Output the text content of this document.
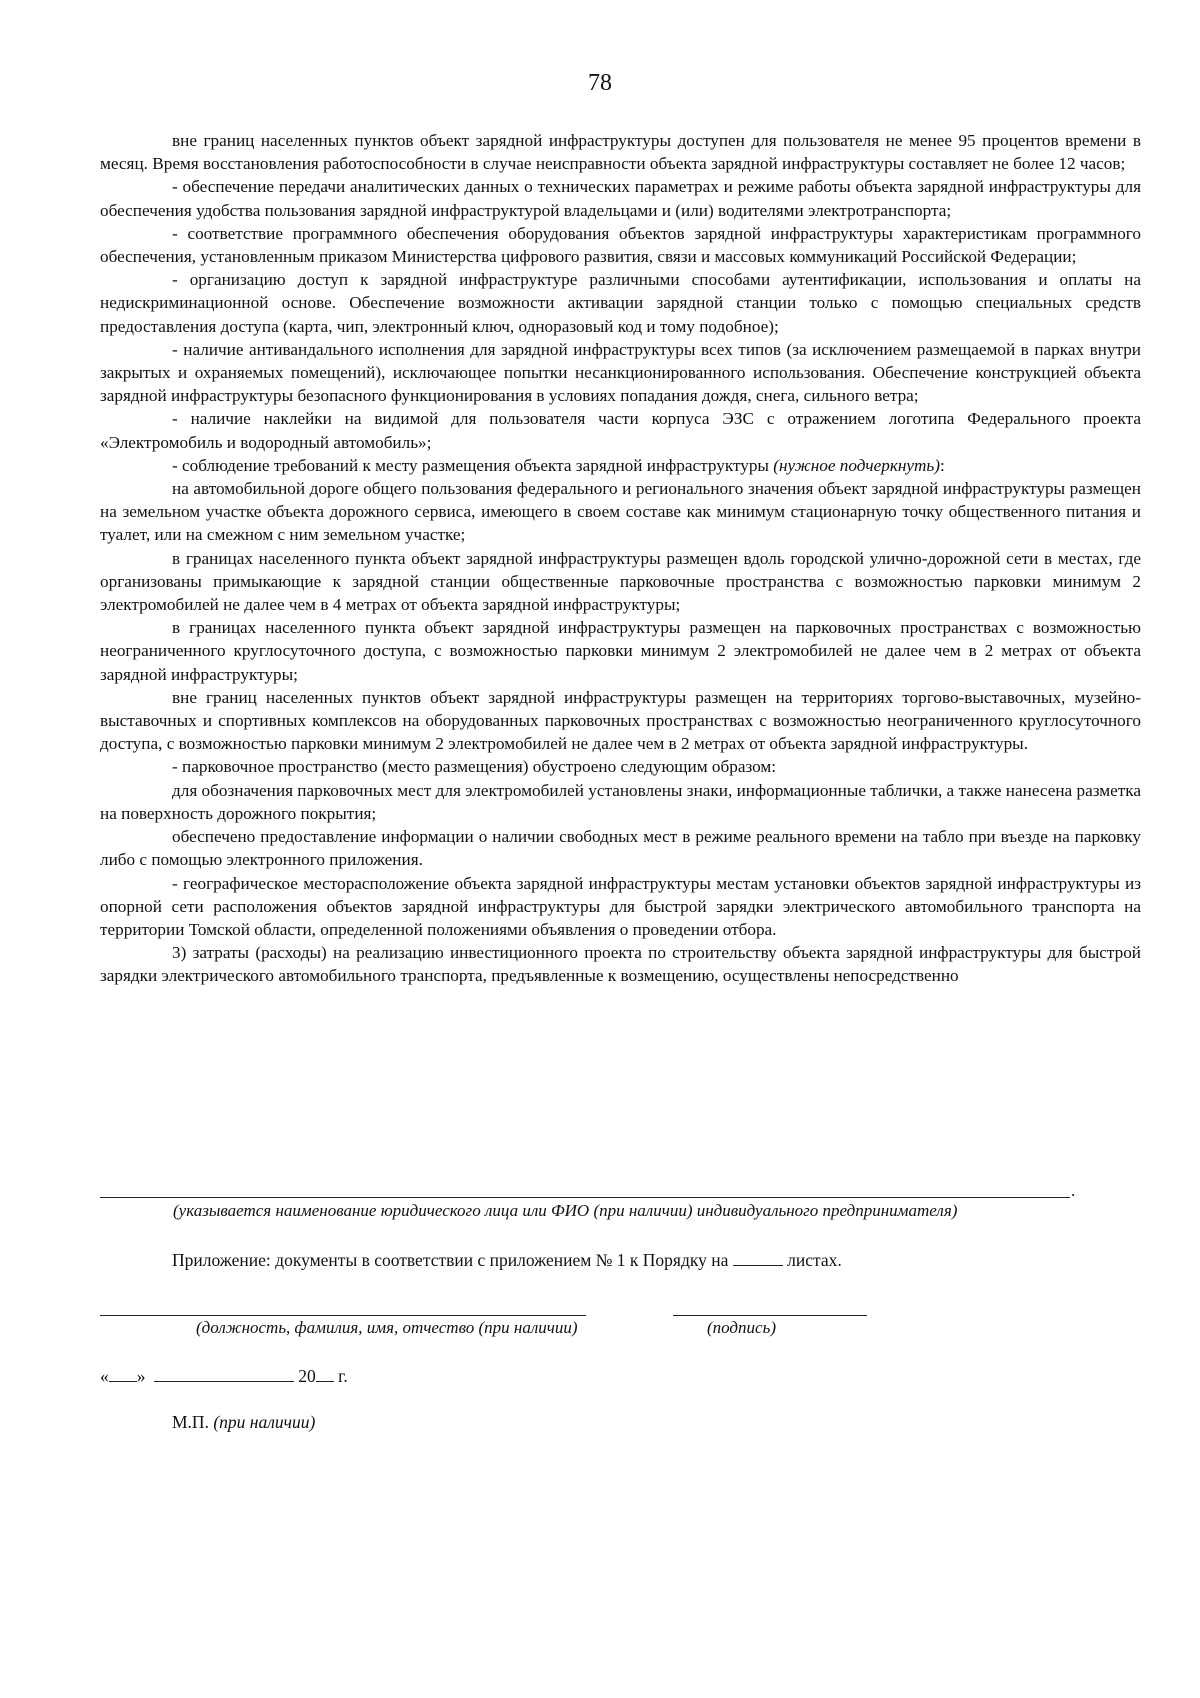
78

вне границ населенных пунктов объект зарядной инфраструктуры доступен для пользователя не менее 95 процентов времени в месяц. Время восстановления работоспособности в случае неисправности объекта зарядной инфраструктуры составляет не более 12 часов;

- обеспечение передачи аналитических данных о технических параметрах и режиме работы объекта зарядной инфраструктуры для обеспечения удобства пользования зарядной инфраструктурой владельцами и (или) водителями электротранспорта;

- соответствие программного обеспечения оборудования объектов зарядной инфраструктуры характеристикам программного обеспечения, установленным приказом Министерства цифрового развития, связи и массовых коммуникаций Российской Федерации;

- организацию доступ к зарядной инфраструктуре различными способами аутентификации, использования и оплаты на недискриминационной основе. Обеспечение возможности активации зарядной станции только с помощью специальных средств предоставления доступа (карта, чип, электронный ключ, одноразовый код и тому подобное);

- наличие антивандального исполнения для зарядной инфраструктуры всех типов (за исключением размещаемой в парках внутри закрытых и охраняемых помещений), исключающее попытки несанкционированного использования. Обеспечение конструкцией объекта зарядной инфраструктуры безопасного функционирования в условиях попадания дождя, снега, сильного ветра;

- наличие наклейки на видимой для пользователя части корпуса ЭЗС с отражением логотипа Федерального проекта «Электромобиль и водородный автомобиль»;

- соблюдение требований к месту размещения объекта зарядной инфраструктуры (нужное подчеркнуть):

на автомобильной дороге общего пользования федерального и регионального значения объект зарядной инфраструктуры размещен на земельном участке объекта дорожного сервиса, имеющего в своем составе как минимум стационарную точку общественного питания и туалет, или на смежном с ним земельном участке;

в границах населенного пункта объект зарядной инфраструктуры размещен вдоль городской улично-дорожной сети в местах, где организованы примыкающие к зарядной станции общественные парковочные пространства с возможностью парковки минимум 2 электромобилей не далее чем в 4 метрах от объекта зарядной инфраструктуры;

в границах населенного пункта объект зарядной инфраструктуры размещен на парковочных пространствах с возможностью неограниченного круглосуточного доступа, с возможностью парковки минимум 2 электромобилей не далее чем в 2 метрах от объекта зарядной инфраструктуры;

вне границ населенных пунктов объект зарядной инфраструктуры размещен на территориях торгово-выставочных, музейно-выставочных и спортивных комплексов на оборудованных парковочных пространствах с возможностью неограниченного круглосуточного доступа, с возможностью парковки минимум 2 электромобилей не далее чем в 2 метрах от объекта зарядной инфраструктуры.

- парковочное пространство (место размещения) обустроено следующим образом:

для обозначения парковочных мест для электромобилей установлены знаки, информационные таблички, а также нанесена разметка на поверхность дорожного покрытия;

обеспечено предоставление информации о наличии свободных мест в режиме реального времени на табло при въезде на парковку либо с помощью электронного приложения.

- географическое месторасположение объекта зарядной инфраструктуры местам установки объектов зарядной инфраструктуры из опорной сети расположения объектов зарядной инфраструктуры для быстрой зарядки электрического автомобильного транспорта на территории Томской области, определенной положениями объявления о проведении отбора.

3) затраты (расходы) на реализацию инвестиционного проекта по строительству объекта зарядной инфраструктуры для быстрой зарядки электрического автомобильного транспорта, предъявленные к возмещению, осуществлены непосредственно

.
(указывается наименование юридического лица или ФИО (при наличии) индивидуального предпринимателя)
Приложение: документы в соответствии с приложением № 1 к Порядку на	листах.
(должность, фамилия, имя, отчество (при наличии)	(подпись)
« »	20 г.
М.П. (при наличии)
